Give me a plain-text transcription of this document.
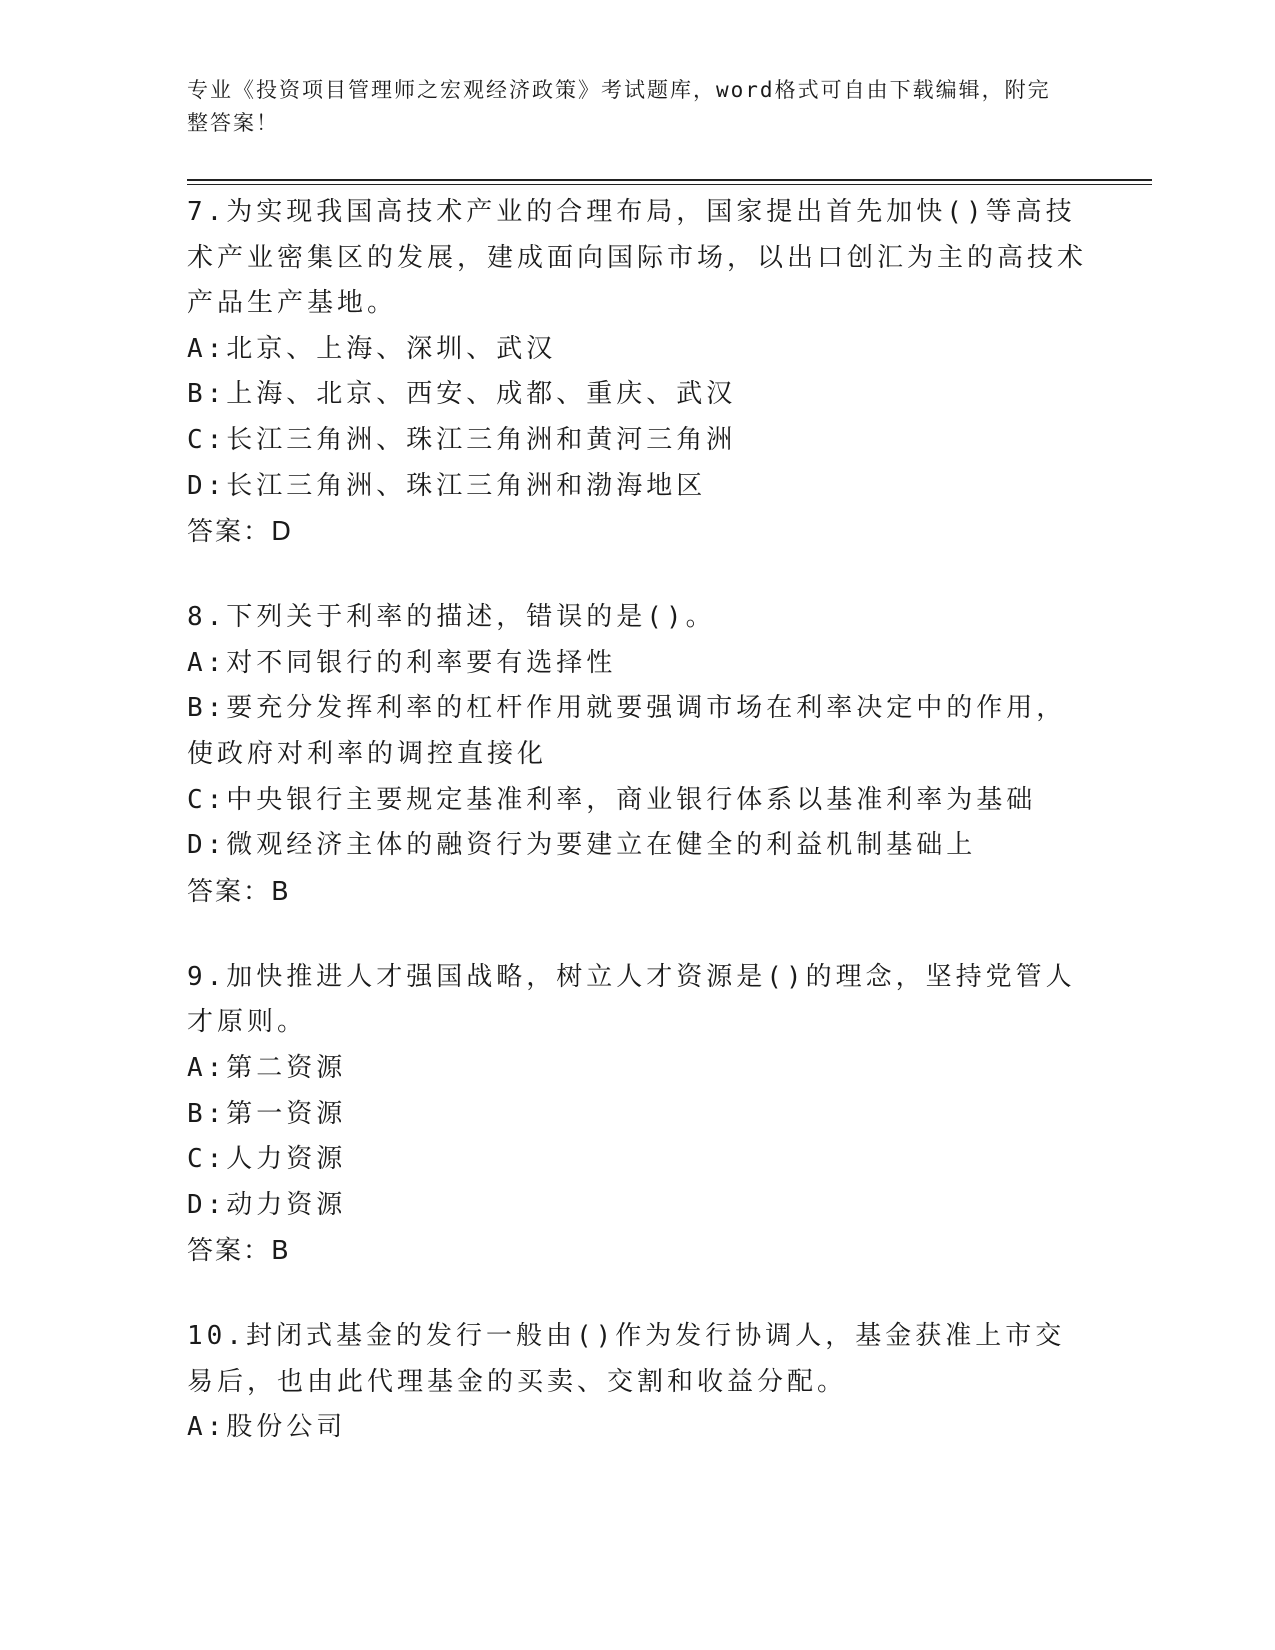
专业《投资项目管理师之宏观经济政策》考试题库，word格式可自由下载编辑，附完整答案！

7.为实现我国高技术产业的合理布局，国家提出首先加快()等高技术产业密集区的发展，建成面向国际市场，以出口创汇为主的高技术产品生产基地。

A:北京、上海、深圳、武汉

B:上海、北京、西安、成都、重庆、武汉

C:长江三角洲、珠江三角洲和黄河三角洲

D:长江三角洲、珠江三角洲和渤海地区

答案：D

8.下列关于利率的描述，错误的是()。

A:对不同银行的利率要有选择性

B:要充分发挥利率的杠杆作用就要强调市场在利率决定中的作用，使政府对利率的调控直接化

C:中央银行主要规定基准利率，商业银行体系以基准利率为基础

D:微观经济主体的融资行为要建立在健全的利益机制基础上

答案：B

9.加快推进人才强国战略，树立人才资源是()的理念，坚持党管人才原则。

A:第二资源

B:第一资源

C:人力资源

D:动力资源

答案：B

10.封闭式基金的发行一般由()作为发行协调人，基金获准上市交易后，也由此代理基金的买卖、交割和收益分配。

A:股份公司
